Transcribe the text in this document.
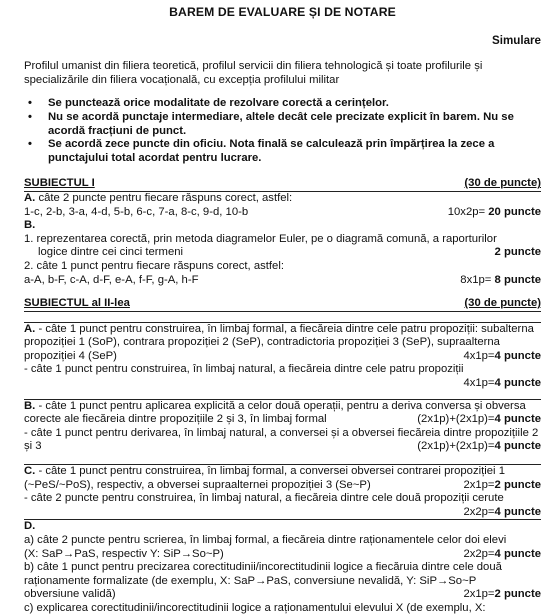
BAREM DE EVALUARE ȘI DE NOTARE
Simulare
Profilul umanist din filiera teoretică, profilul servicii din filiera tehnologică și toate profilurile și specializările din filiera vocațională, cu excepția profilului militar
• Se punctează orice modalitate de rezolvare corectă a cerințelor.
• Nu se acordă punctaje intermediare, altele decât cele precizate explicit în barem. Nu se acordă fracțiuni de punct.
• Se acordă zece puncte din oficiu. Nota finală se calculează prin împărțirea la zece a punctajului total acordat pentru lucrare.
SUBIECTUL I	(30 de puncte)
A. câte 2 puncte pentru fiecare răspuns corect, astfel:
1-c, 2-b, 3-a, 4-d, 5-b, 6-c, 7-a, 8-c, 9-d, 10-b	10x2p= 20 puncte
B.
1. reprezentarea corectă, prin metoda diagramelor Euler, pe o diagramă comună, a raporturilor
logice dintre cei cinci termeni	2 puncte
2. câte 1 punct pentru fiecare răspuns corect, astfel:
a-A, b-F, c-A, d-F, e-A, f-F, g-A, h-F	8x1p= 8 puncte
SUBIECTUL al II-lea	(30 de puncte)
A. - câte 1 punct pentru construirea, în limbaj formal, a fiecăreia dintre cele patru propoziții: subalterna
propoziției 1 (SoP), contrara propoziției 2 (SeP), contradictoria propoziției 3 (SeP), supraalterna
propoziției 4 (SeP)	4x1p=4 puncte
- câte 1 punct pentru construirea, în limbaj natural, a fiecăreia dintre cele patru propoziții
4x1p=4 puncte
B. - câte 1 punct pentru aplicarea explicită a celor două operații, pentru a deriva conversa și obversa
corecte ale fiecăreia dintre propozițiile 2 și 3, în limbaj formal	(2x1p)+(2x1p)=4 puncte
- câte 1 punct pentru derivarea, în limbaj natural, a conversei și a obversei fiecăreia dintre propozițiile 2
și 3	(2x1p)+(2x1p)=4 puncte
C. - câte 1 punct pentru construirea, în limbaj formal, a conversei obversei contrarei propoziției 1
(~PeS/~PoS), respectiv, a obversei supraalternei propoziției 3 (Se~P)	2x1p=2 puncte
- câte 2 puncte pentru construirea, în limbaj natural, a fiecăreia dintre cele două propoziții cerute
2x2p=4 puncte
D.
a) câte 2 puncte pentru scrierea, în limbaj formal, a fiecăreia dintre raționamentele celor doi elevi
(X: SaP→PaS, respectiv Y: SiP→So~P)	2x2p=4 puncte
b) câte 1 punct pentru precizarea corectitudinii/incorectitudinii logice a fiecăruia dintre cele două
raționamente formalizate (de exemplu, X: SaP→PaS, conversiune nevalidă, Y: SiP→So~P
obversiune validă)	2x1p=2 puncte
c) explicarea corectitudinii/incorectitudinii logice a raționamentului elevului X (de exemplu, X:
